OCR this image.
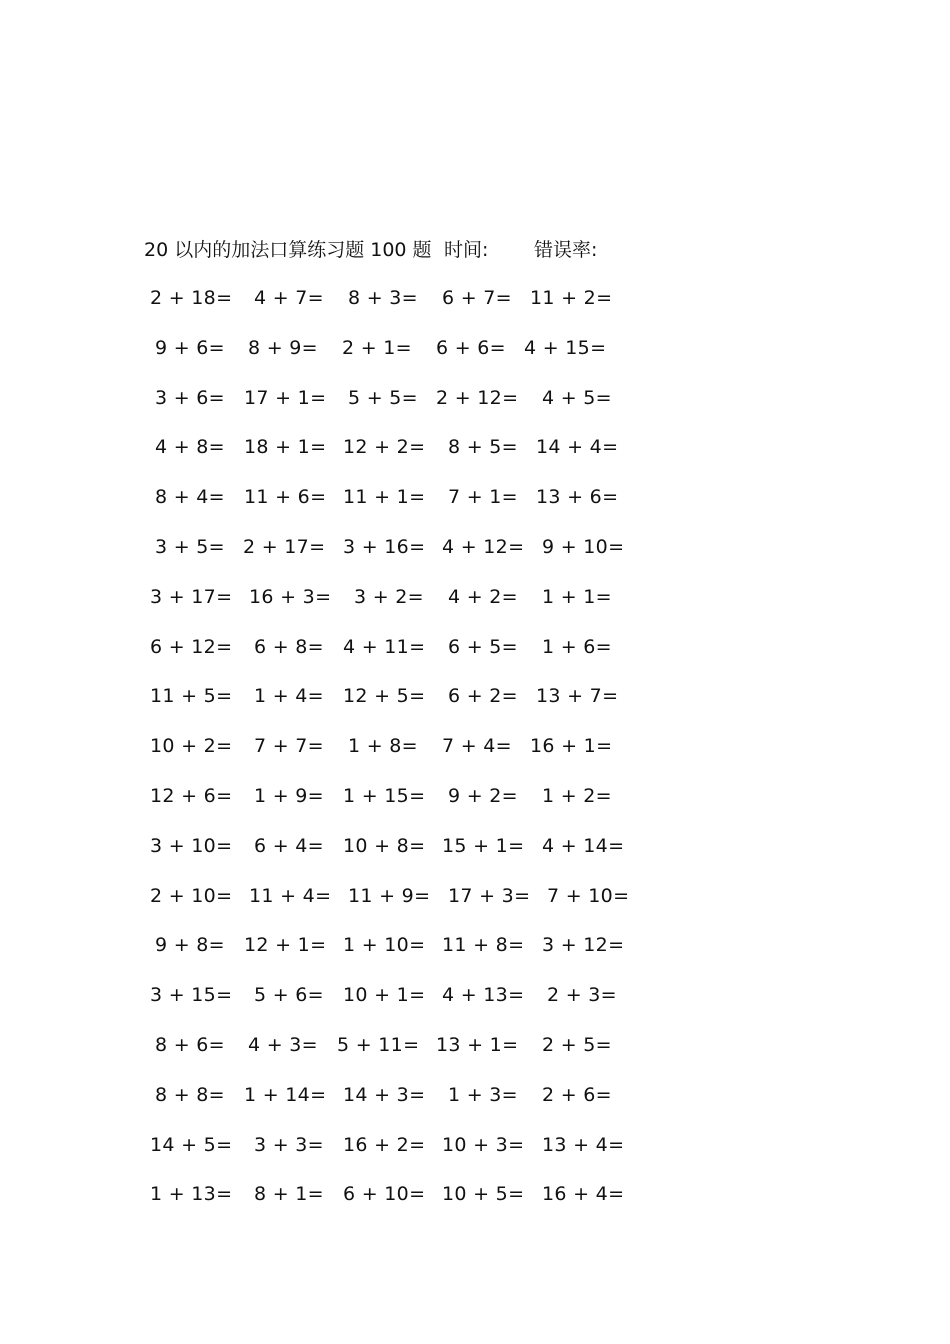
20 以内的加法口算练习题 100 题 时间: 错误率:
2 + 18= 4 + 7= 8 + 3= 6 + 7= 11 + 2=
9 + 6= 8 + 9= 2 + 1= 6 + 6= 4 + 15=
3 + 6= 17 + 1= 5 + 5= 2 + 12= 4 + 5=
4 + 8= 18 + 1= 12 + 2= 8 + 5= 14 + 4=
8 + 4= 11 + 6= 11 + 1= 7 + 1= 13 + 6=
3 + 5= 2 + 17= 3 + 16= 4 + 12= 9 + 10=
3 + 17= 16 + 3= 3 + 2= 4 + 2= 1 + 1=
6 + 12= 6 + 8= 4 + 11= 6 + 5= 1 + 6=
11 + 5= 1 + 4= 12 + 5= 6 + 2= 13 + 7=
10 + 2= 7 + 7= 1 + 8= 7 + 4= 16 + 1=
12 + 6= 1 + 9= 1 + 15= 9 + 2= 1 + 2=
3 + 10= 6 + 4= 10 + 8= 15 + 1= 4 + 14=
2 + 10= 11 + 4= 11 + 9= 17 + 3= 7 + 10=
9 + 8= 12 + 1= 1 + 10= 11 + 8= 3 + 12=
3 + 15= 5 + 6= 10 + 1= 4 + 13= 2 + 3=
8 + 6= 4 + 3= 5 + 11= 13 + 1= 2 + 5=
8 + 8= 1 + 14= 14 + 3= 1 + 3= 2 + 6=
14 + 5= 3 + 3= 16 + 2= 10 + 3= 13 + 4=
1 + 13= 8 + 1= 6 + 10= 10 + 5= 16 + 4=
